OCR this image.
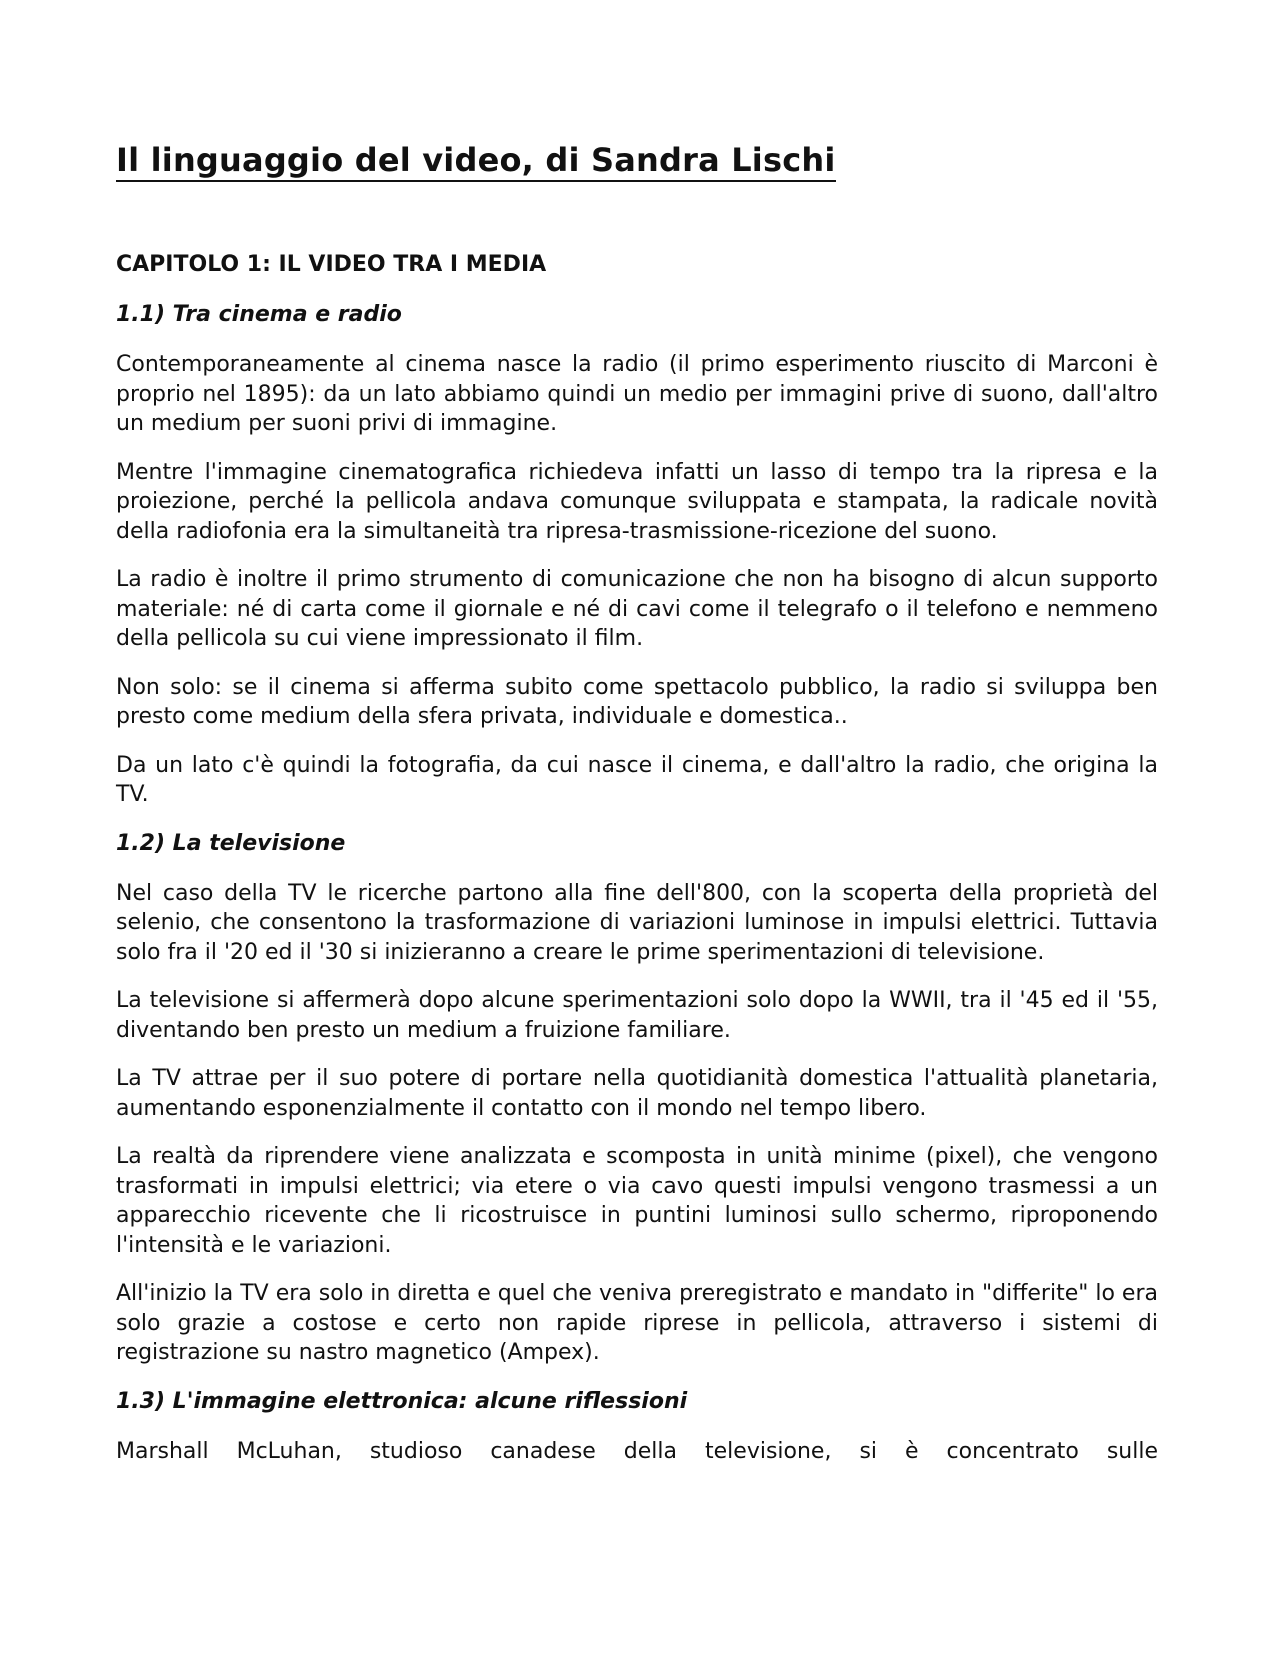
Il linguaggio del video, di Sandra Lischi
CAPITOLO 1: IL VIDEO TRA I MEDIA
1.1) Tra cinema e radio

Contemporaneamente al cinema nasce la radio (il primo esperimento riuscito di Marconi è proprio nel 1895): da un lato abbiamo quindi un medio per immagini prive di suono, dall'altro un medium per suoni privi di immagine.

Mentre l'immagine cinematografica richiedeva infatti un lasso di tempo tra la ripresa e la proiezione, perché la pellicola andava comunque sviluppata e stampata, la radicale novità della radiofonia era la simultaneità tra ripresa-trasmissione-ricezione del suono.

La radio è inoltre il primo strumento di comunicazione che non ha bisogno di alcun supporto materiale: né di carta come il giornale e né di cavi come il telegrafo o il telefono e nemmeno della pellicola su cui viene impressionato il film.

Non solo: se il cinema si afferma subito come spettacolo pubblico, la radio si sviluppa ben presto come medium della sfera privata, individuale e domestica..

Da un lato c'è quindi la fotografia, da cui nasce il cinema, e dall'altro la radio, che origina la TV.

1.2) La televisione

Nel caso della TV le ricerche partono alla fine dell'800, con la scoperta della proprietà del selenio, che consentono la trasformazione di variazioni luminose in impulsi elettrici. Tuttavia solo fra il '20 ed il '30 si inizieranno a creare le prime sperimentazioni di televisione.

La televisione si affermerà dopo alcune sperimentazioni solo dopo la WWII, tra il '45 ed il '55, diventando ben presto un medium a fruizione familiare.

La TV attrae per il suo potere di portare nella quotidianità domestica l'attualità planetaria, aumentando esponenzialmente il contatto con il mondo nel tempo libero.

La realtà da riprendere viene analizzata e scomposta in unità minime (pixel), che vengono trasformati in impulsi elettrici; via etere o via cavo questi impulsi vengono trasmessi a un apparecchio ricevente che li ricostruisce in puntini luminosi sullo schermo, riproponendo l'intensità e le variazioni.

All'inizio la TV era solo in diretta e quel che veniva preregistrato e mandato in "differite" lo era solo grazie a costose e certo non rapide riprese in pellicola, attraverso i sistemi di registrazione su nastro magnetico (Ampex).

1.3) L'immagine elettronica: alcune riflessioni

Marshall McLuhan, studioso canadese della televisione, si è concentrato sulle
